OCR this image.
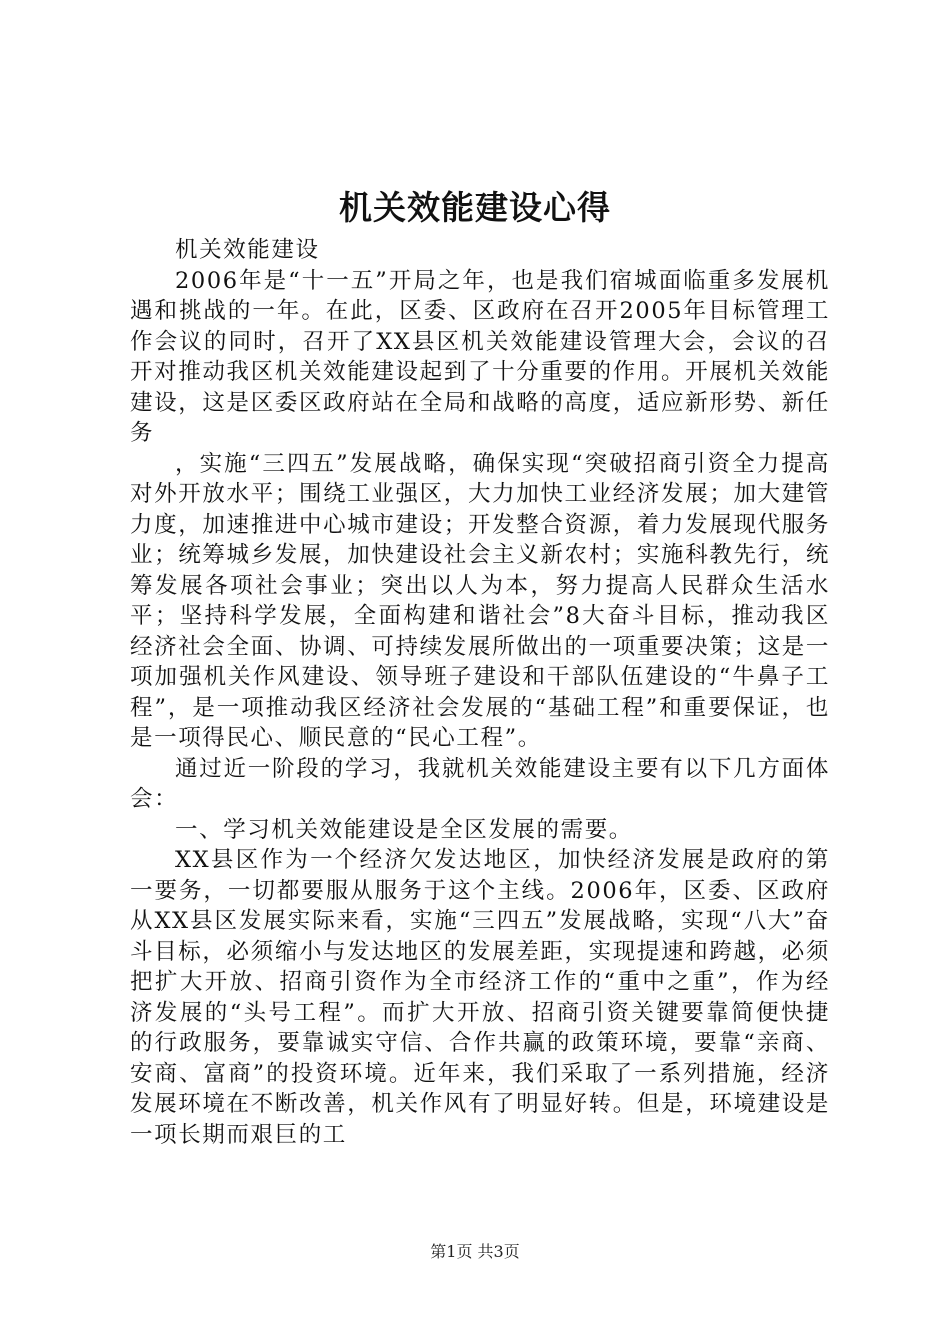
机关效能建设心得

机关效能建设

2006年是“十一五”开局之年，也是我们宿城面临重多发展机遇和挑战的一年。在此，区委、区政府在召开2005年目标管理工作会议的同时，召开了XX县区机关效能建设管理大会，会议的召开对推动我区机关效能建设起到了十分重要的作用。开展机关效能建设，这是区委区政府站在全局和战略的高度，适应新形势、新任务

，实施“三四五”发展战略，确保实现“突破招商引资全力提高对外开放水平；围绕工业强区，大力加快工业经济发展；加大建管力度，加速推进中心城市建设；开发整合资源，着力发展现代服务业；统筹城乡发展，加快建设社会主义新农村；实施科教先行，统筹发展各项社会事业；突出以人为本，努力提高人民群众生活水平；坚持科学发展，全面构建和谐社会”8大奋斗目标，推动我区经济社会全面、协调、可持续发展所做出的一项重要决策；这是一项加强机关作风建设、领导班子建设和干部队伍建设的“牛鼻子工程”，是一项推动我区经济社会发展的“基础工程”和重要保证，也是一项得民心、顺民意的“民心工程”。

通过近一阶段的学习，我就机关效能建设主要有以下几方面体会：

一、学习机关效能建设是全区发展的需要。

XX县区作为一个经济欠发达地区，加快经济发展是政府的第一要务，一切都要服从服务于这个主线。2006年，区委、区政府从XX县区发展实际来看，实施“三四五”发展战略，实现“八大”奋斗目标，必须缩小与发达地区的发展差距，实现提速和跨越，必须把扩大开放、招商引资作为全市经济工作的“重中之重”，作为经济发展的“头号工程”。而扩大开放、招商引资关键要靠简便快捷的行政服务，要靠诚实守信、合作共赢的政策环境，要靠“亲商、安商、富商”的投资环境。近年来，我们采取了一系列措施，经济发展环境在不断改善，机关作风有了明显好转。但是，环境建设是一项长期而艰巨的工

第1页 共3页
